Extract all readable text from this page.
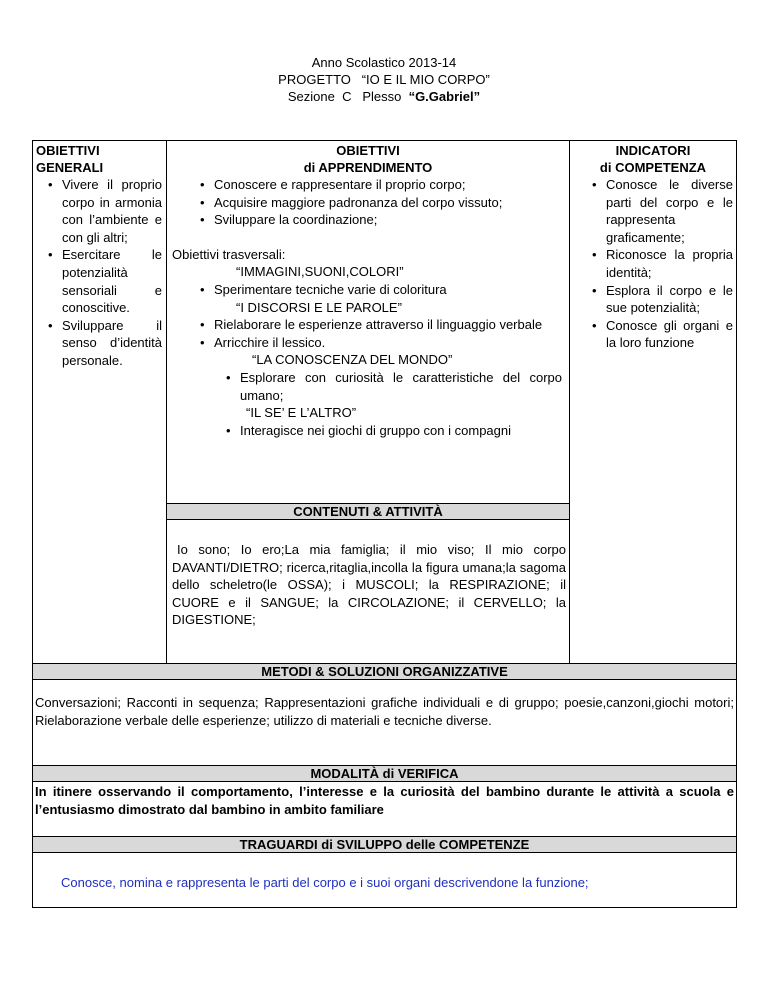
Anno Scolastico 2013-14
PROGETTO   “IO E IL MIO CORPO”
Sezione  C   Plesso  “G.Gabriel”
OBIETTIVI
GENERALI
• Vivere il proprio corpo in armonia con l’ambiente e con gli altri;
• Esercitare le potenzialità sensoriali e conoscitive.
• Sviluppare il senso d’identità personale.
OBIETTIVI
di APPRENDIMENTO
• Conoscere e rappresentare il proprio corpo;
• Acquisire maggiore padronanza del corpo vissuto;
• Sviluppare la coordinazione;
Obiettivi trasversali:
“IMMAGINI,SUONI,COLORI”
• Sperimentare tecniche varie di coloritura
“I DISCORSI E LE PAROLE”
• Rielaborare le esperienze attraverso il linguaggio verbale
• Arricchire il lessico.
“LA CONOSCENZA DEL MONDO”
• Esplorare con curiosità le caratteristiche del corpo umano;
“IL SE’ E L’ALTRO”
• Interagisce nei giochi di gruppo con i compagni
INDICATORI
di COMPETENZA
• Conosce le diverse parti del corpo e le rappresenta graficamente;
• Riconosce la propria identità;
• Esplora il corpo e le sue potenzialità;
• Conosce gli organi e la loro funzione
CONTENUTI & ATTIVITÀ
Io sono; Io ero;La mia famiglia; il mio viso; Il mio corpo DAVANTI/DIETRO; ricerca,ritaglia,incolla la figura umana;la sagoma dello scheletro(le OSSA); i MUSCOLI; la RESPIRAZIONE; il CUORE e il SANGUE; la CIRCOLAZIONE; il CERVELLO; la DIGESTIONE;
METODI & SOLUZIONI ORGANIZZATIVE
Conversazioni; Racconti in sequenza; Rappresentazioni grafiche individuali e di gruppo; poesie,canzoni,giochi motori; Rielaborazione verbale delle esperienze; utilizzo di materiali e tecniche diverse.
MODALITÀ di VERIFICA
In itinere osservando il comportamento, l’interesse e la curiosità del bambino durante le attività a scuola e l’entusiasmo dimostrato dal bambino in ambito familiare
TRAGUARDI di SVILUPPO delle COMPETENZE
Conosce, nomina e rappresenta le parti del corpo e i suoi organi descrivendone la funzione;
